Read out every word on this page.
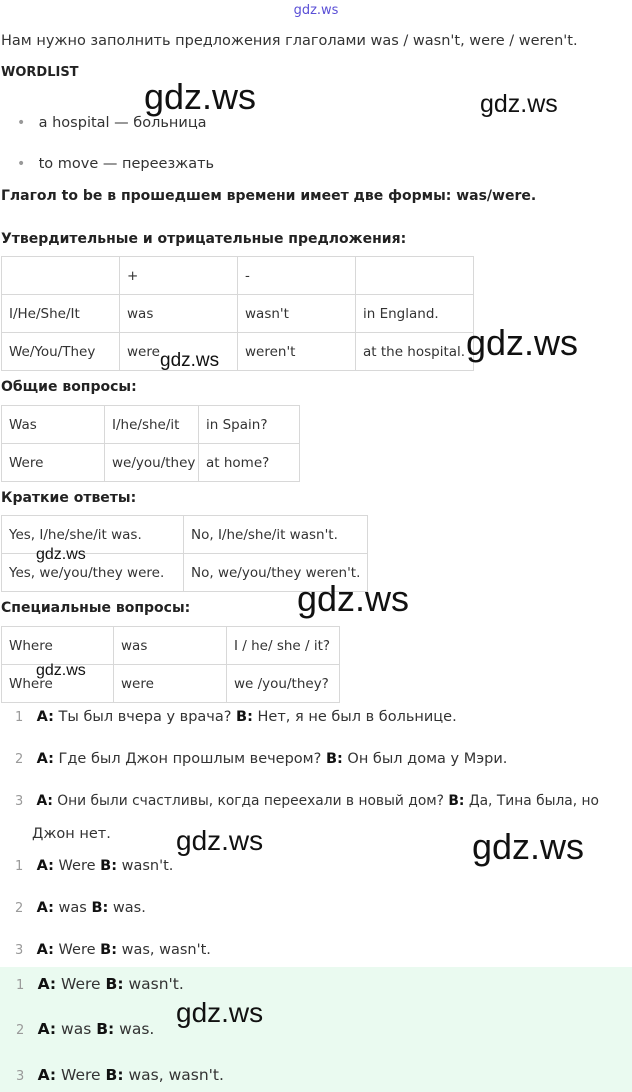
gdz.ws
Нам нужно заполнить предложения глаголами was / wasn't, were / weren't.
WORDLIST
• a hospital — больница
• to move — переезжать
Глагол to be в прошедшем времени имеет две формы: was/were.
Утвердительные и отрицательные предложения:
	+	-	
I/He/She/It	was	wasn't	in England.
We/You/They	were	weren't	at the hospital.
Общие вопросы:
Was	I/he/she/it	in Spain?
Were	we/you/they	at home?
Краткие ответы:
Yes, I/he/she/it was.	No, I/he/she/it wasn't.
Yes, we/you/they were.	No, we/you/they weren't.
Специальные вопросы:
Where	was	I / he/ she / it?
Where	were	we /you/they?
1 A: Ты был вчера у врача? B: Нет, я не был в больнице.
2 A: Где был Джон прошлым вечером? B: Он был дома у Мэри.
3 A: Они были счастливы, когда переехали в новый дом? B: Да, Тина была, но
Джон нет.
1 A: Were B: wasn't.
2 A: was B: was.
3 A: Were B: was, wasn't.
1 A: Were B: wasn't.
2 A: was B: was.
3 A: Were B: was, wasn't.
gdz.ws	gdz.ws
gdz.ws
gdz.ws
gdz.ws
gdz.ws
gdz.ws
gdz.ws	gdz.ws
gdz.ws
